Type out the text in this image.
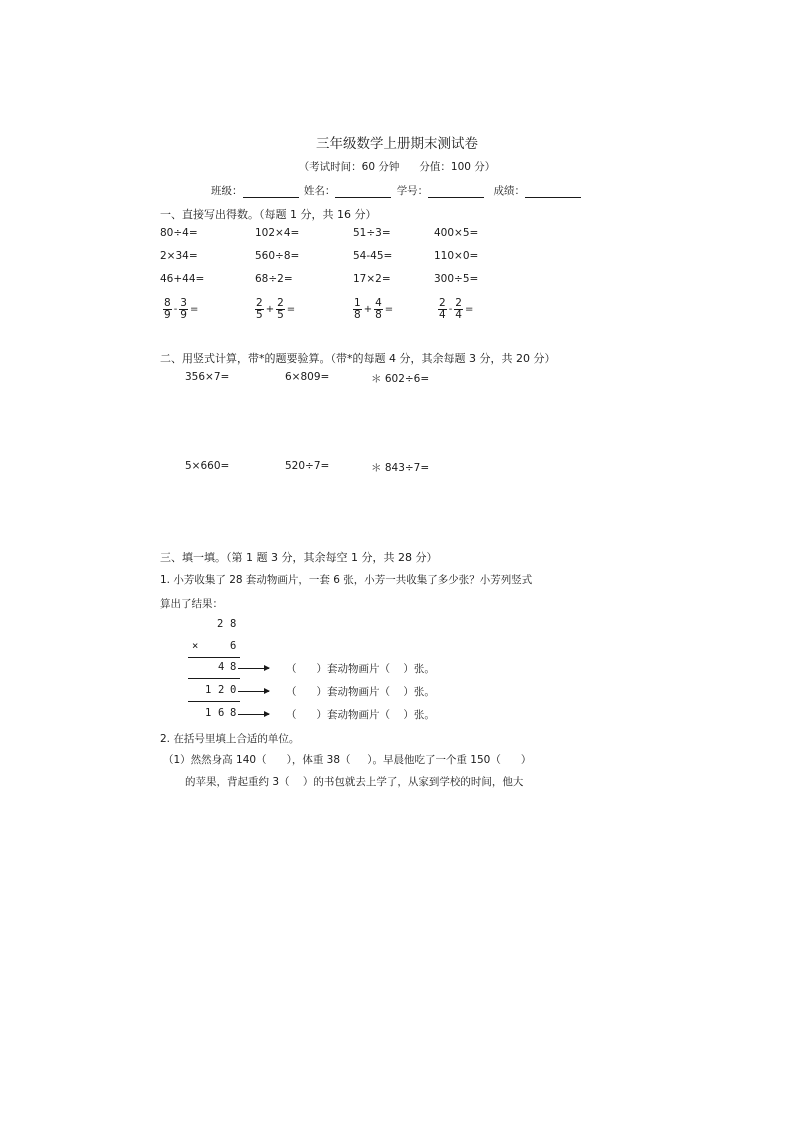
三年级数学上册期末测试卷
（考试时间：60 分钟      分值：100 分）
班级：	姓名：	学号：	成绩：
一、直接写出得数。（每题 1 分，共 16 分）
80÷4=	102×4=	51÷3=	400×5=
2×34=	560÷8=	54-45=	110×0=
46+44=	68÷2=	17×2=	300÷5=
$\frac{8}{9} - \frac{3}{9}$ =	$\frac{2}{5} + \frac{2}{5}$ =	$\frac{1}{8} + \frac{4}{8}$ =	$\frac{2}{4} - \frac{2}{4}$ =
二、用竖式计算，带*的题要验算。（带*的每题 4 分，其余每题 3 分，共 20 分）
356×7=	6×809=	＊ 602÷6=
5×660=	520÷7=	＊ 843÷7=
三、填一填。（第 1 题 3 分，其余每空 1 分，共 28 分）
1. 小芳收集了 28 套动物画片，一套 6 张，小芳一共收集了多少张？小芳列竖式
算出了结果：
2 8
×	6
4 8	（      ）套动物画片（    ）张。
1 2 0	（      ）套动物画片（    ）张。
1 6 8	（      ）套动物画片（    ）张。
2. 在括号里填上合适的单位。
（1）然然身高 140（      ），体重 38（     ）。早晨他吃了一个重 150（      ）
的苹果，背起重约 3（    ）的书包就去上学了，从家到学校的时间，他大
